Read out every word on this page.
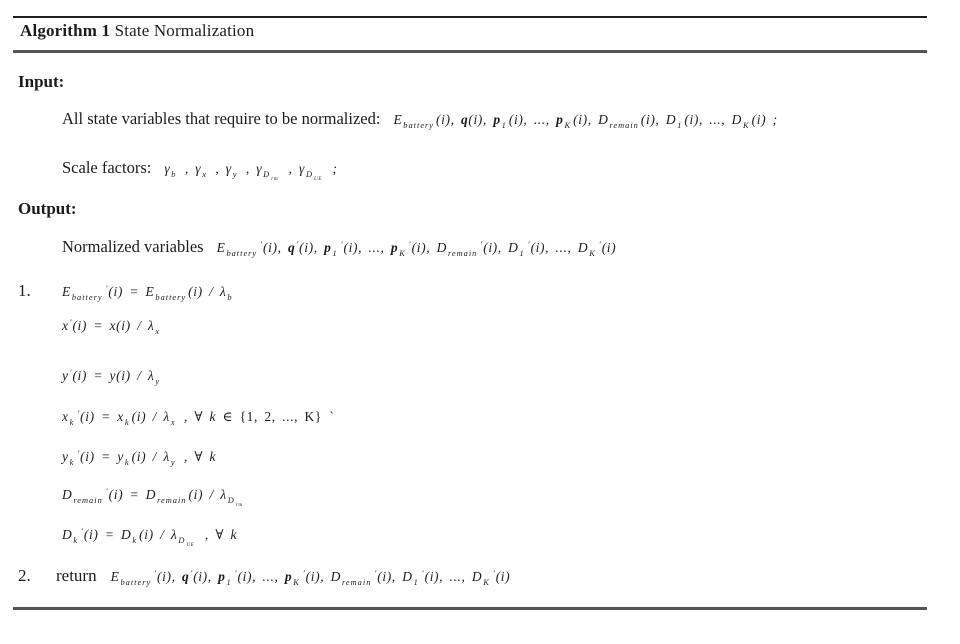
Algorithm 1 State Normalization
Input:
All state variables that require to be normalized: $E_{battery}$ (i), q(i), $p_1$ (i), ..., $p_K$ (i), $D_{remain}$ (i), $D_1$ (i), ..., $D_K$ (i) ;
Scale factors: $\gamma_b$ , $\gamma_x$ , $\gamma_y$ , $\gamma_{D_{rm}}$ , $\gamma_{D_{UE}}$ ;
Output:
Normalized variables $E_{battery}'(i)$, q′(i), $p_1'(i)$, ..., $p_K'(i)$, $D_{remain}'(i)$, $D_1'(i)$, ..., $D_K'(i)$
1. $E_{battery}'(i) = E_{battery}$ $(i) / \lambda_b$
$x'(i) = x(i) / \lambda_x$
$y'(i) = y(i) / \lambda_y$
$x_k'(i) = x_k$ $(i) / \lambda_x$ , ∀ k ∈ {1, 2, ..., K} `
$y_k'(i) = y_k$ $(i) / \lambda_y$ , ∀ k
$D_{remain}'(i) = D_{remain}$ $(i) / \lambda_{D_{rm}}$
$D_k'(i) = D_k$ $(i) / \lambda_{D_{UE}}$ , ∀ k
2. return $E_{battery}'(i)$, q′(i), $p_1'(i)$, ..., $p_K'(i)$, $D_{remain}'(i)$, $D_1'(i)$, ..., $D_K'(i)$
